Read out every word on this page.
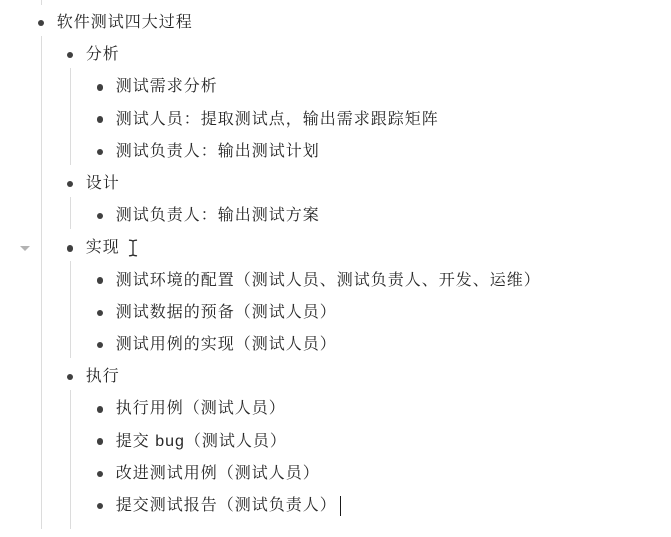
软件测试四大过程
分析
测试需求分析
测试人员：提取测试点，输出需求跟踪矩阵
测试负责人：输出测试计划
设计
测试负责人：输出测试方案
实现
测试环境的配置（测试人员、测试负责人、开发、运维）
测试数据的预备（测试人员）
测试用例的实现（测试人员）
执行
执行用例（测试人员）
提交 bug（测试人员）
改进测试用例（测试人员）
提交测试报告（测试负责人）
